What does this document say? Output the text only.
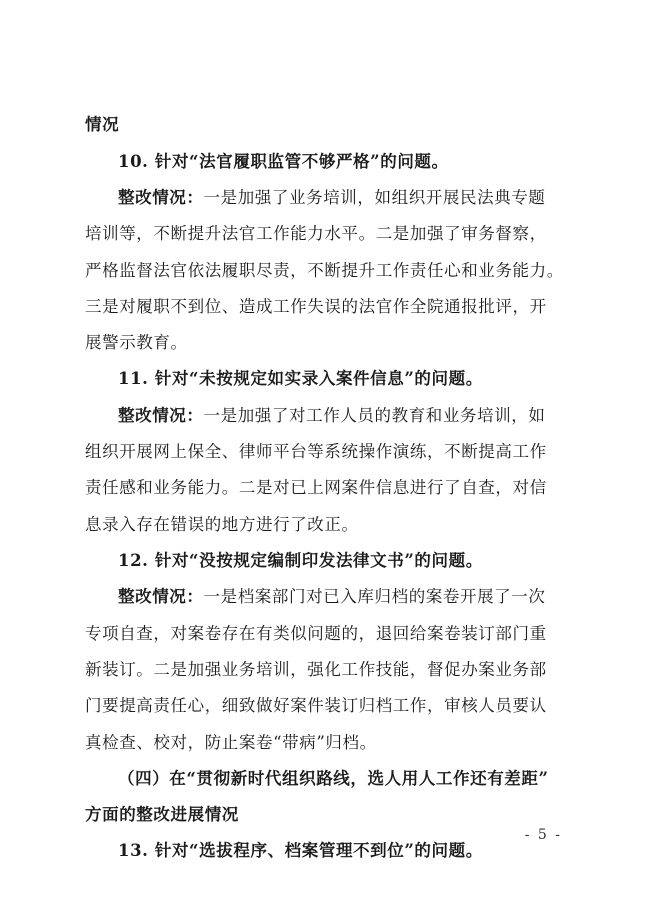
情况
10. 针对“法官履职监管不够严格”的问题。
整改情况：一是加强了业务培训，如组织开展民法典专题
培训等，不断提升法官工作能力水平。二是加强了审务督察，
严格监督法官依法履职尽责，不断提升工作责任心和业务能力。
三是对履职不到位、造成工作失误的法官作全院通报批评，开
展警示教育。
11. 针对“未按规定如实录入案件信息”的问题。
整改情况：一是加强了对工作人员的教育和业务培训，如
组织开展网上保全、律师平台等系统操作演练，不断提高工作
责任感和业务能力。二是对已上网案件信息进行了自查，对信
息录入存在错误的地方进行了改正。
12. 针对“没按规定编制印发法律文书”的问题。
整改情况：一是档案部门对已入库归档的案卷开展了一次
专项自查，对案卷存在有类似问题的，退回给案卷装订部门重
新装订。二是加强业务培训，强化工作技能，督促办案业务部
门要提高责任心，细致做好案件装订归档工作，审核人员要认
真检查、校对，防止案卷“带病”归档。
（四）在“贯彻新时代组织路线，选人用人工作还有差距”
方面的整改进展情况
13. 针对“选拔程序、档案管理不到位”的问题。
- 5 -
